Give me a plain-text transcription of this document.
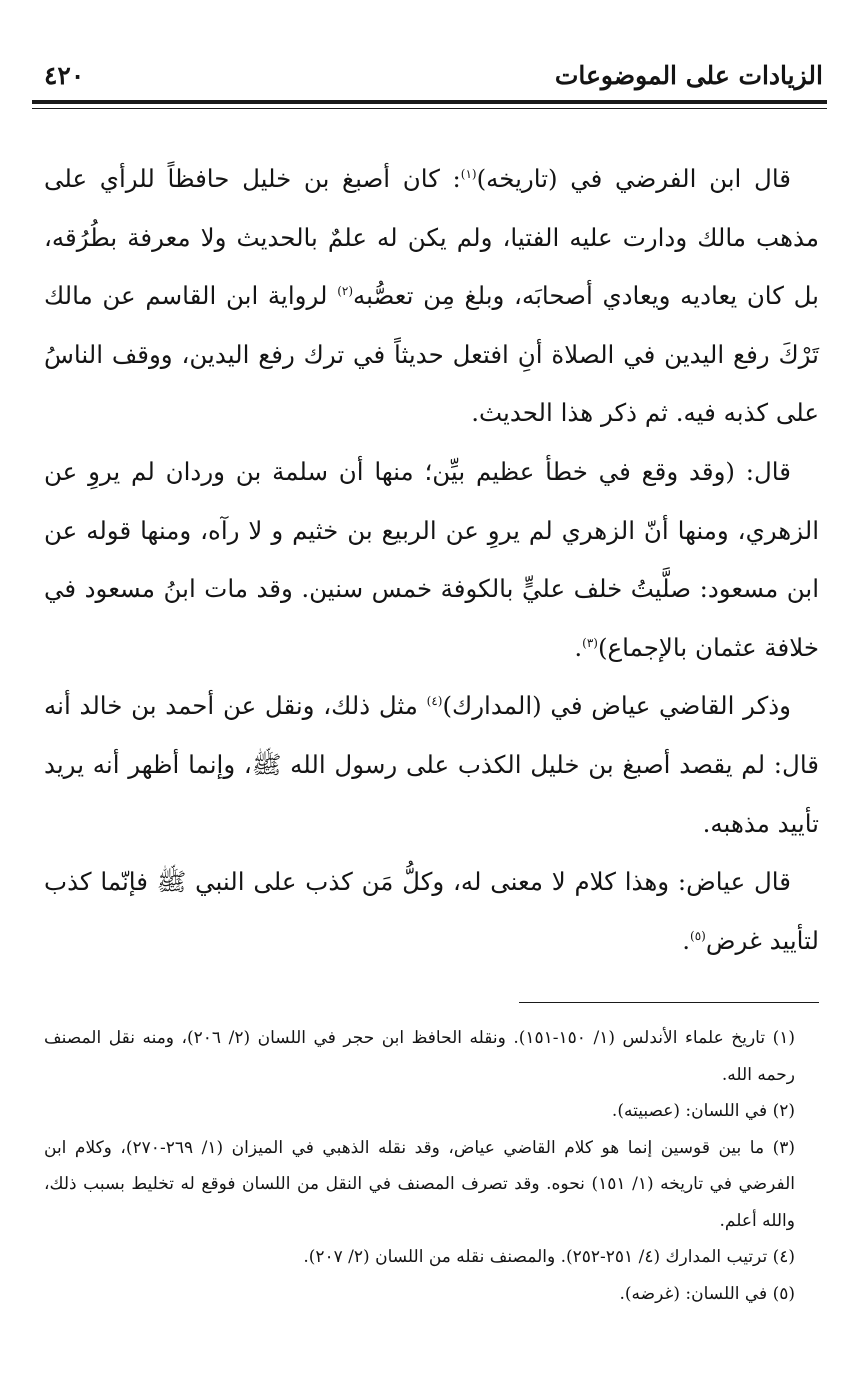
الزيادات على الموضوعات
٤٢٠

قال ابن الفرضي في (تاريخه)$^{(١)}$: كان أصبغ بن خليل حافظاً للرأي على مذهب مالك ودارت عليه الفتيا، ولم يكن له علمٌ بالحديث ولا معرفة بطُرُقه، بل كان يعاديه ويعادي أصحابَه، وبلغ مِن تعصُّبه$^{(٢)}$ لرواية ابن القاسم عن مالك تَرْكَ رفع اليدين في الصلاة أنِ افتعل حديثاً في ترك رفع اليدين، ووقف الناسُ على كذبه فيه. ثم ذكر هذا الحديث.

قال: (وقد وقع في خطأ عظيم بيِّن؛ منها أن سلمة بن وردان لم يروِ عن الزهري، ومنها أنّ الزهري لم يروِ عن الربيع بن خثيم و لا رآه، ومنها قوله عن ابن مسعود: صلَّيتُ خلف عليٍّ بالكوفة خمس سنين. وقد مات ابنُ مسعود في خلافة عثمان بالإجماع)$^{(٣)}$.

وذكر القاضي عياض في (المدارك)$^{(٤)}$ مثل ذلك، ونقل عن أحمد بن خالد أنه قال: لم يقصد أصبغ بن خليل الكذب على رسول الله ﷺ، وإنما أظهر أنه يريد تأييد مذهبه.

قال عياض: وهذا كلام لا معنى له، وكلُّ مَن كذب على النبي ﷺ فإنّما كذب لتأييد غرض$^{(٥)}$.

(١) تاريخ علماء الأندلس (١/ ١٥٠-١٥١). ونقله الحافظ ابن حجر في اللسان (٢/ ٢٠٦)، ومنه نقل المصنف رحمه الله.

(٢) في اللسان: (عصبيته).

(٣) ما بين قوسين إنما هو كلام القاضي عياض، وقد نقله الذهبي في الميزان (١/ ٢٦٩-٢٧٠)، وكلام ابن الفرضي في تاريخه (١/ ١٥١) نحوه. وقد تصرف المصنف في النقل من اللسان فوقع له تخليط بسبب ذلك، والله أعلم.

(٤) ترتيب المدارك (٤/ ٢٥١-٢٥٢). والمصنف نقله من اللسان (٢/ ٢٠٧).

(٥) في اللسان: (غرضه).
